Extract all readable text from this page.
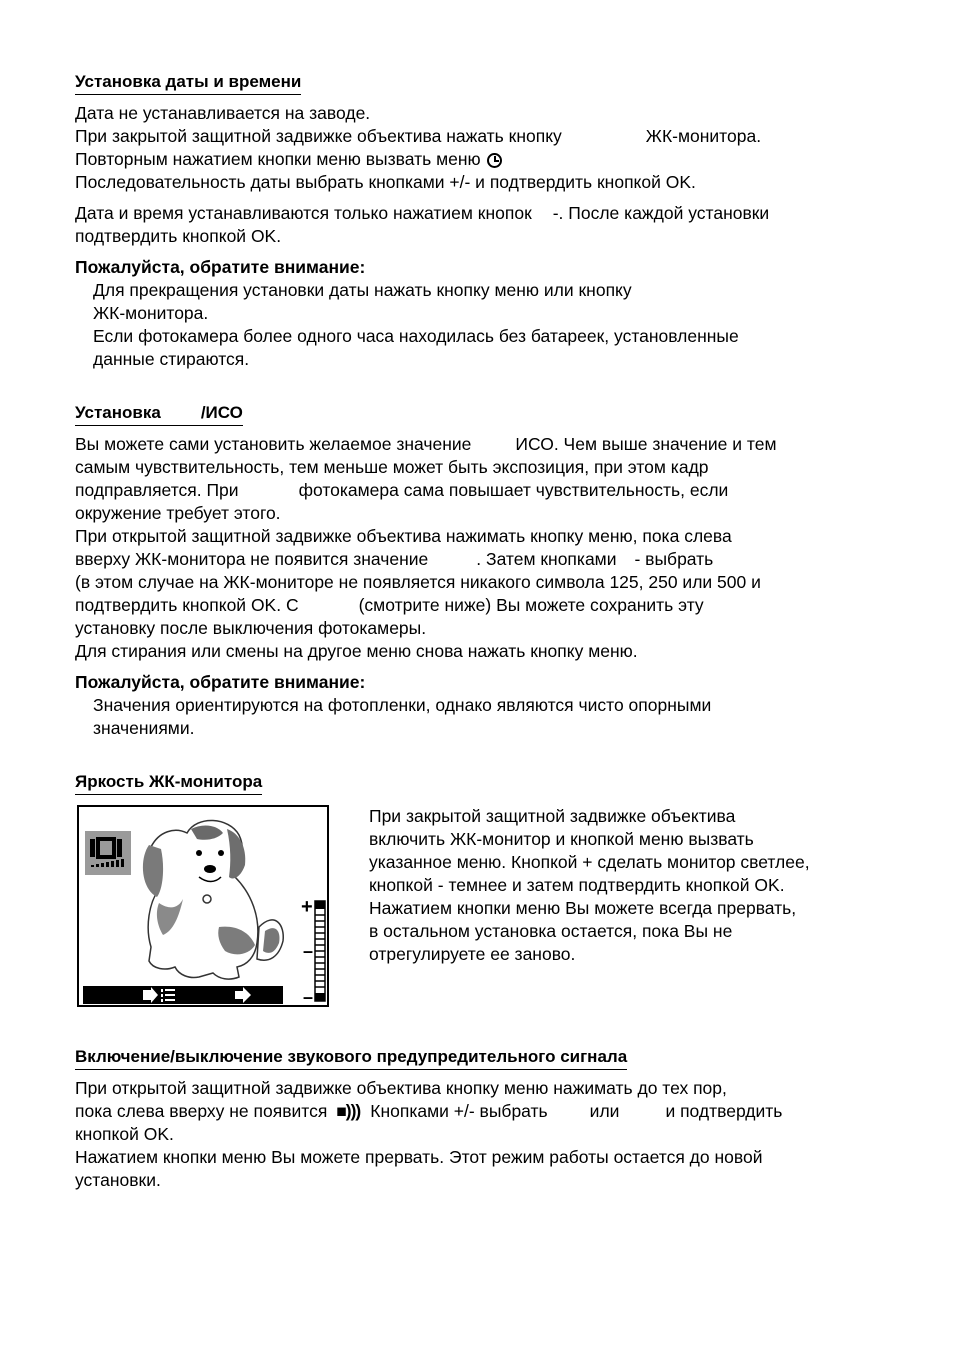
Установка даты и времени

Дата не устанавливается на заводе.

При закрытой защитной задвижке объектива нажать кнопку	ЖК-монитора.

Повторным нажатием кнопки меню вызвать меню

Последовательность даты выбрать кнопками +/- и подтвердить кнопкой OK.

Дата и время устанавливаются только нажатием кнопок -. После каждой установки

подтвердить кнопкой OK.

Пожалуйста, обратите внимание:

Для прекращения установки даты нажать кнопку меню или кнопку

ЖК-монитора.

Если фотокамера более одного часа находилась без батареек, установленные

данные стираются.

Установка /ИСО

Вы можете сами установить желаемое значение	ИСО. Чем выше значение и тем

самым чувствительность, тем меньше может быть экспозиция, при этом кадр

подправляется. При	фотокамера сама повышает чувствительность, если

окружение требует этого.

При открытой защитной задвижке объектива нажимать кнопку меню, пока слева

вверху ЖК-монитора не появится значение	. Затем кнопками - выбрать

(в этом случае на ЖК-мониторе не появляется никакого символа 125, 250 или 500 и

подтвердить кнопкой OK. С	(смотрите ниже) Вы можете сохранить эту

установку после выключения фотокамеры.

Для стирания или смены на другое меню снова нажать кнопку меню.

Пожалуйста, обратите внимание:

Значения ориентируются на фотопленки, однако являются чисто опорными

значениями.

Яркость ЖК-монитора
+
–
–

При закрытой защитной задвижке объектива

включить ЖК-монитор и кнопкой меню вызвать

указанное меню. Кнопкой + сделать монитор светлее,

кнопкой - темнее и затем подтвердить кнопкой OK.

Нажатием кнопки меню Вы можете всегда прервать,

в остальном установка остается, пока Вы не

отрегулируете ее заново.

Включение/выключение звукового предупредительного сигнала

При открытой защитной задвижке объектива кнопку меню нажимать до тех пор,

пока слева вверху не появится ■))) Кнопками +/- выбрать или	и подтвердить

кнопкой OK.

Нажатием кнопки меню Вы можете прервать. Этот режим работы остается до новой

установки.
